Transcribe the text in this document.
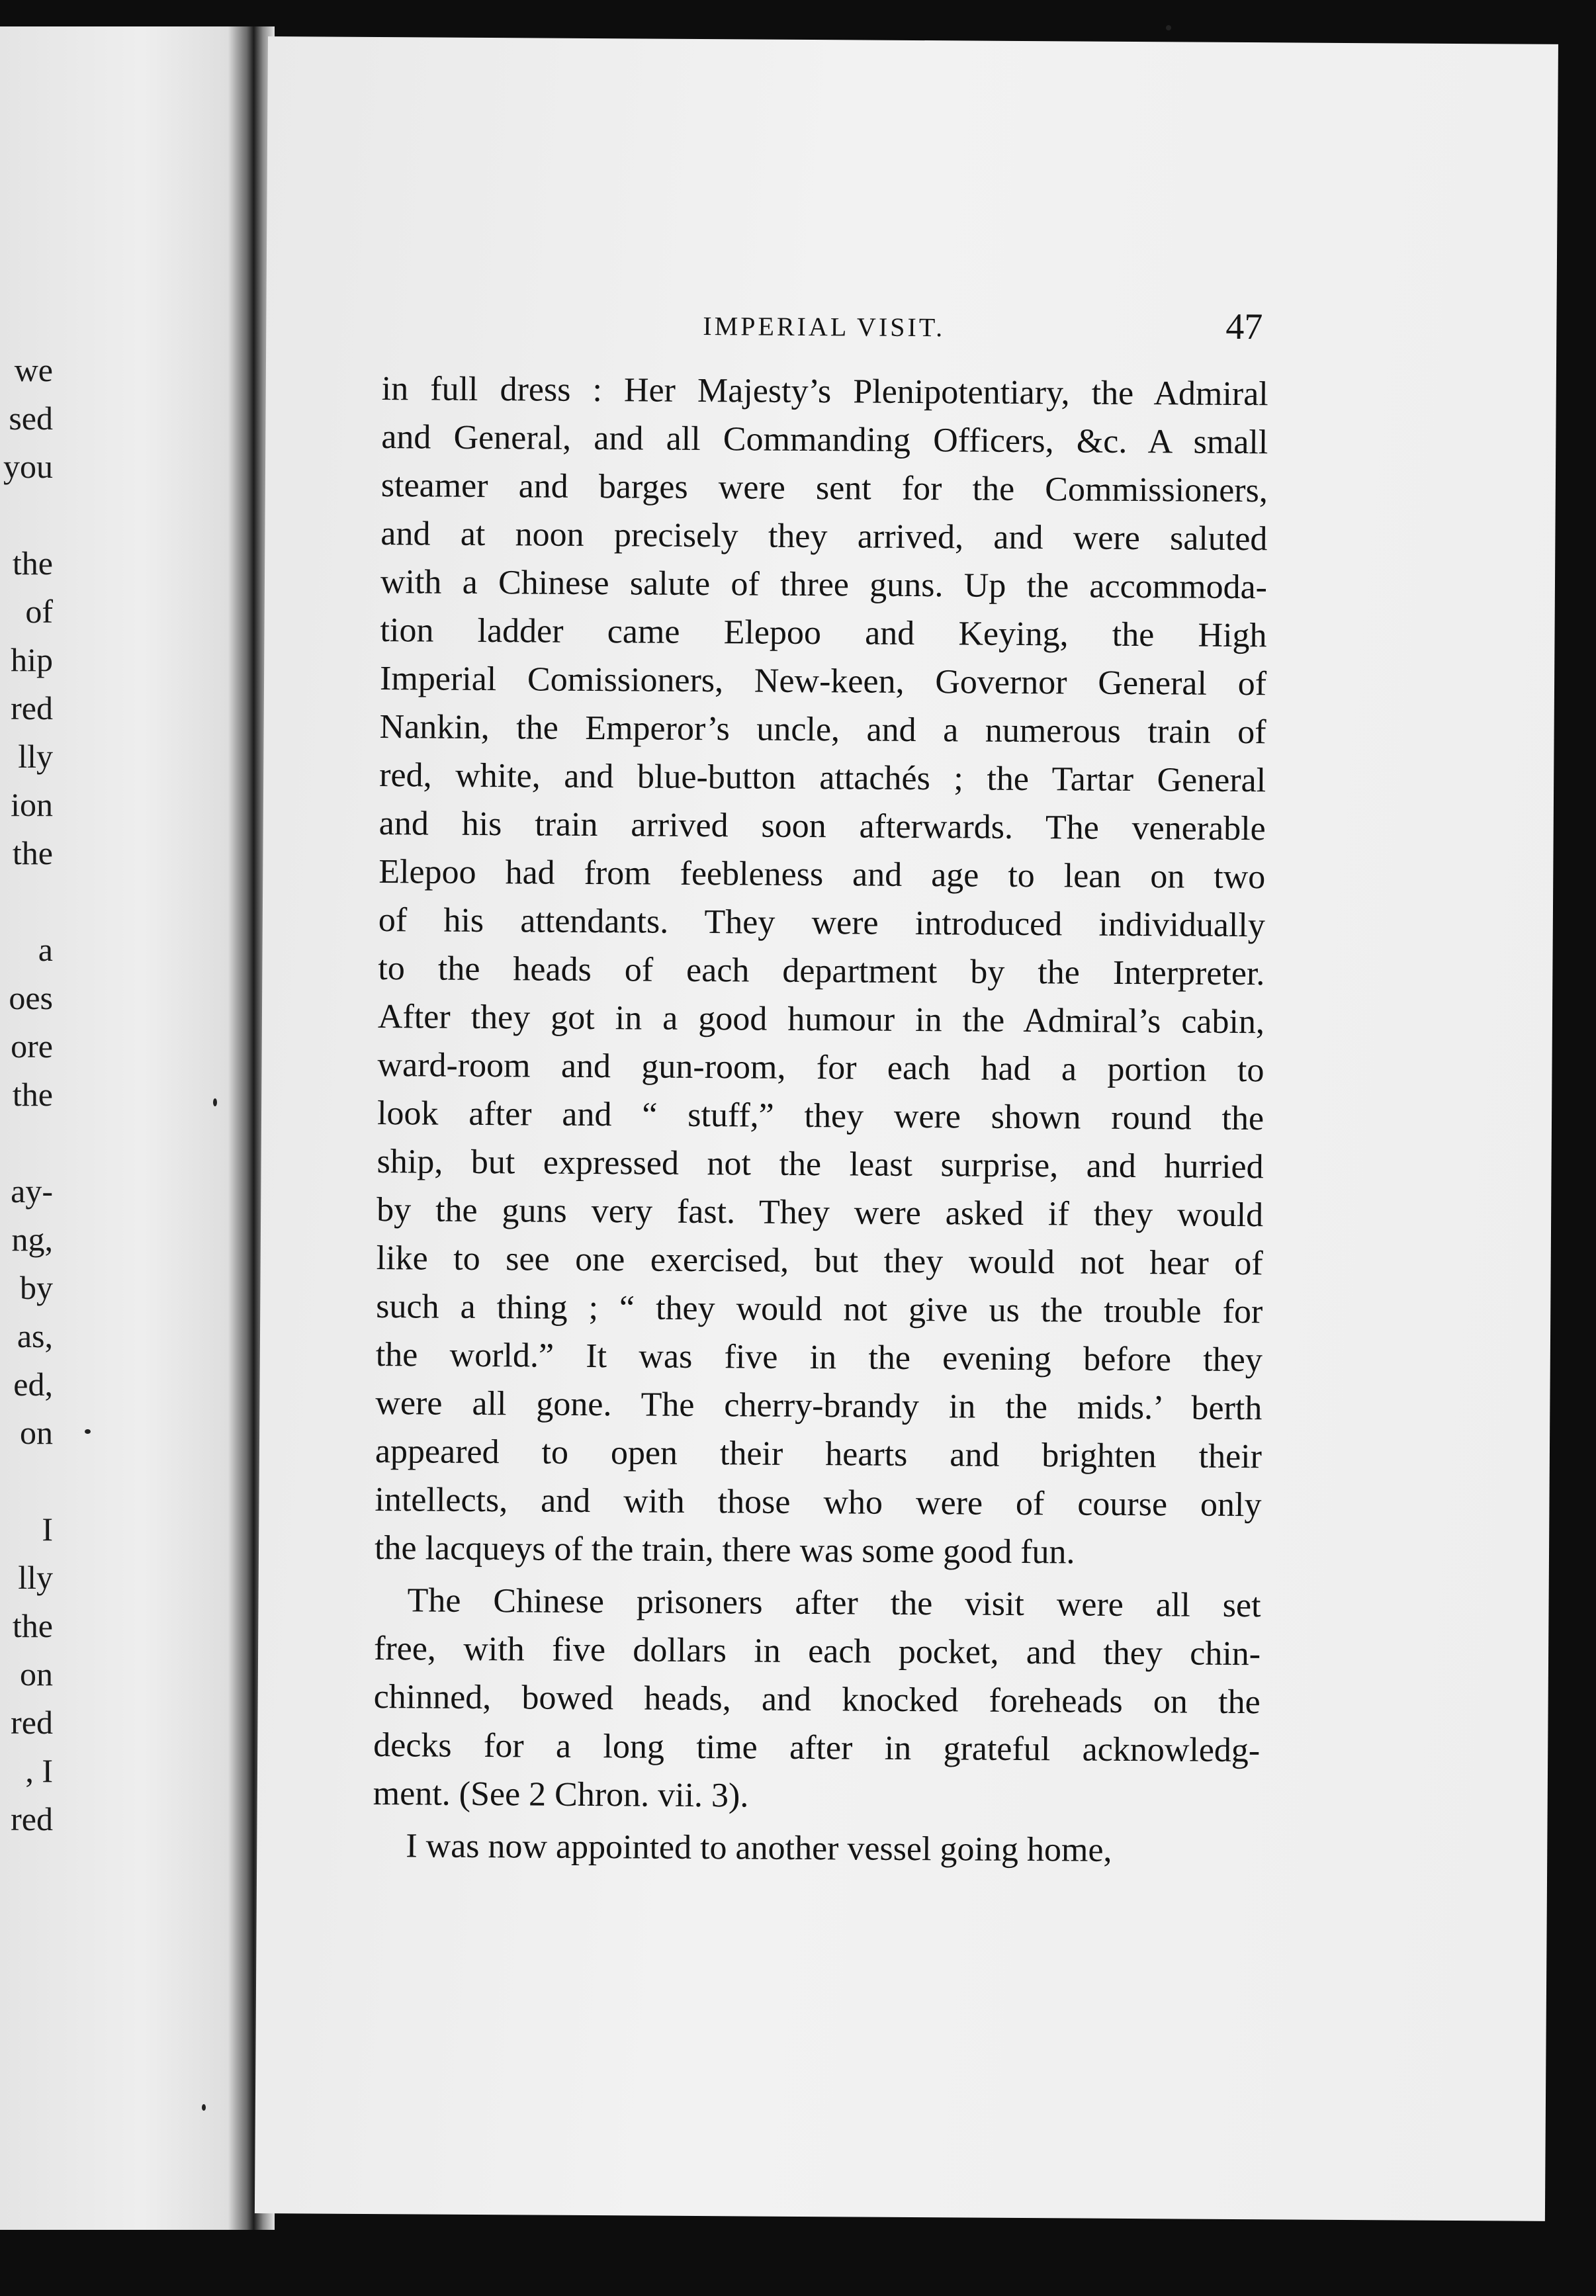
we
sed
you
the
of
hip
red
lly
ion
the
a
oes
ore
the
ay-
ng,
by
as,
ed,
on
I
lly
the
on
red
, I
red
IMPERIAL VISIT.	47
in full dress : Her Majesty’s Plenipotentiary, the Admiral
and General, and all Commanding Officers, &c. A small
steamer and barges were sent for the Commissioners,
and at noon precisely they arrived, and were saluted
with a Chinese salute of three guns. Up the accommoda-
tion ladder came Elepoo and Keying, the High
Imperial Comissioners, New-keen, Governor General of
Nankin, the Emperor’s uncle, and a numerous train of
red, white, and blue-button attachés ; the Tartar General
and his train arrived soon afterwards. The venerable
Elepoo had from feebleness and age to lean on two
of his attendants. They were introduced individually
to the heads of each department by the Interpreter.
After they got in a good humour in the Admiral’s cabin,
ward-room and gun-room, for each had a portion to
look after and “ stuff,” they were shown round the
ship, but expressed not the least surprise, and hurried
by the guns very fast. They were asked if they would
like to see one exercised, but they would not hear of
such a thing ; “ they would not give us the trouble for
the world.” It was five in the evening before they
were all gone. The cherry-brandy in the mids.’ berth
appeared to open their hearts and brighten their
intellects, and with those who were of course only
the lacqueys of the train, there was some good fun.
The Chinese prisoners after the visit were all set
free, with five dollars in each pocket, and they chin-
chinned, bowed heads, and knocked foreheads on the
decks for a long time after in grateful acknowledg-
ment. (See 2 Chron. vii. 3).
I was now appointed to another vessel going home,
